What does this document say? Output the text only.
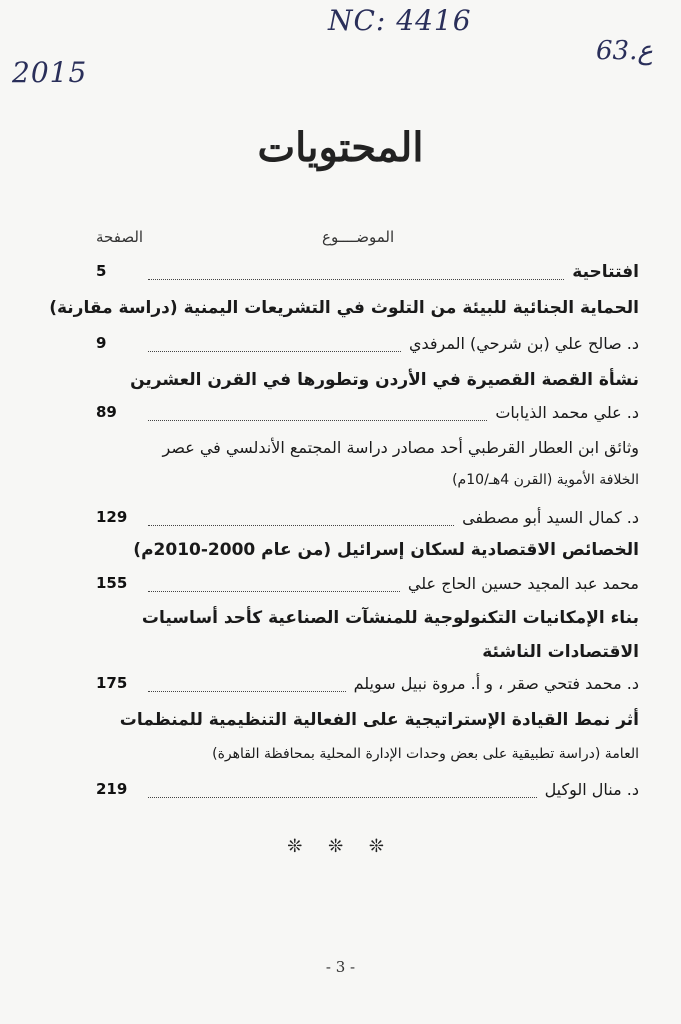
NC: 4416
2015
63.ع
المحتويات
الصفحة	الموضــــوع
افتتاحية
5
الحماية الجنائية للبيئة من التلوث في التشريعات اليمنية (دراسة مقارنة)
د. صالح علي (بن شرحي) المرفدي
9
نشأة القصة القصيرة في الأردن وتطورها في القرن العشرين
د. علي محمد الذيابات
89
وثائق ابن العطار القرطبي أحد مصادر دراسة المجتمع الأندلسي في عصر
الخلافة الأموية (القرن 4هـ/10م)
د. كمال السيد أبو مصطفى
129
الخصائص الاقتصادية لسكان إسرائيل (من عام 2000-2010م)
محمد عبد المجيد حسين الحاج علي
155
بناء الإمكانيات التكنولوجية للمنشآت الصناعية كأحد أساسيات
الاقتصادات الناشئة
د. محمد فتحي صقر ، و أ. مروة نبيل سويلم
175
أثر نمط القيادة الإستراتيجية على الفعالية التنظيمية للمنظمات
العامة (دراسة تطبيقية على بعض وحدات الإدارة المحلية بمحافظة القاهرة)
د. منال الوكيل
219
❊ ❊ ❊
- 3 -
